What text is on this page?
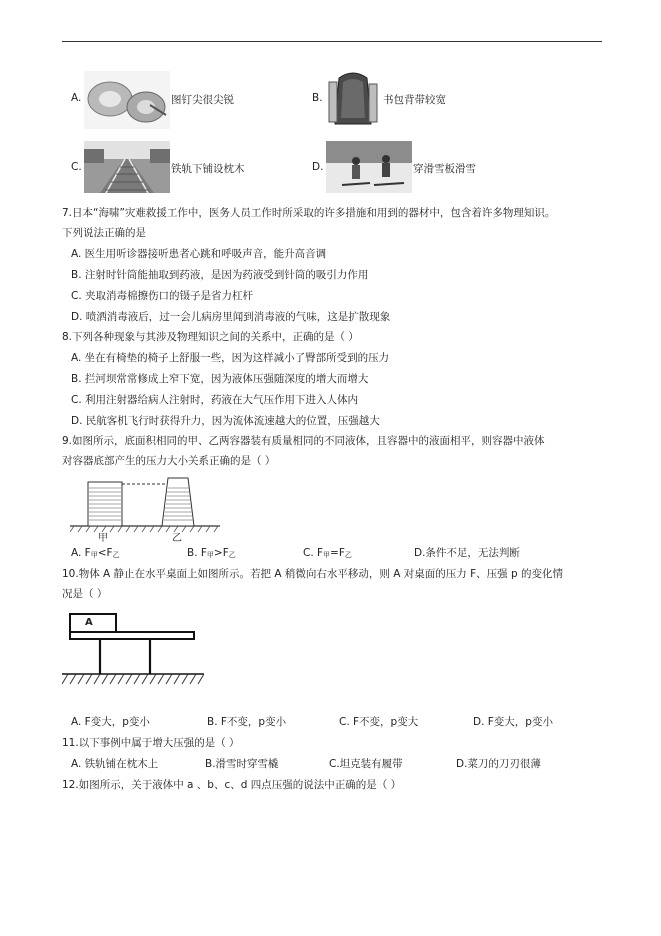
A.	图钉尖很尖锐	B.	书包背带较宽
C.	铁轨下铺设枕木	D.	穿滑雪板滑雪
7.日本“海啸”灾难救援工作中，医务人员工作时所采取的许多措施和用到的器材中，包含着许多物理知识。
下列说法正确的是
A. 医生用听诊器接听患者心跳和呼吸声音，能升高音调
B. 注射时针筒能抽取到药液，是因为药液受到针筒的吸引力作用
C. 夹取消毒棉擦伤口的镊子是省力杠杆
D. 喷洒消毒液后，过一会儿病房里闻到消毒液的气味，这是扩散现象
8.下列各种现象与其涉及物理知识之间的关系中，正确的是（ ）
A. 坐在有椅垫的椅子上舒服一些，因为这样减小了臀部所受到的压力
B. 拦河坝常常修成上窄下宽，因为液体压强随深度的增大而增大
C. 利用注射器给病人注射时，药液在大气压作用下进入人体内
D. 民航客机飞行时获得升力，因为流体流速越大的位置，压强越大
9.如图所示，底面积相同的甲、乙两容器装有质量相同的不同液体，且容器中的液面相平，则容器中液体
对容器底部产生的压力大小关系正确的是（ ）
甲	乙
A. F甲<F乙	B. F甲>F乙	C. F甲=F乙	D.条件不足，无法判断
10.物体 A 静止在水平桌面上如图所示。若把 A 稍微向右水平移动，则 A 对桌面的压力 F、压强 p 的变化情
况是（ ）
A
A. F变大，p变小	B. F不变，p变小	C. F不变，p变大	D. F变大，p变小
11.以下事例中属于增大压强的是（ ）
A. 铁轨铺在枕木上	B.滑雪时穿雪橇	C.坦克装有履带	D.菜刀的刀刃很薄
12.如图所示，关于液体中 a 、b、c、d 四点压强的说法中正确的是（ ）
